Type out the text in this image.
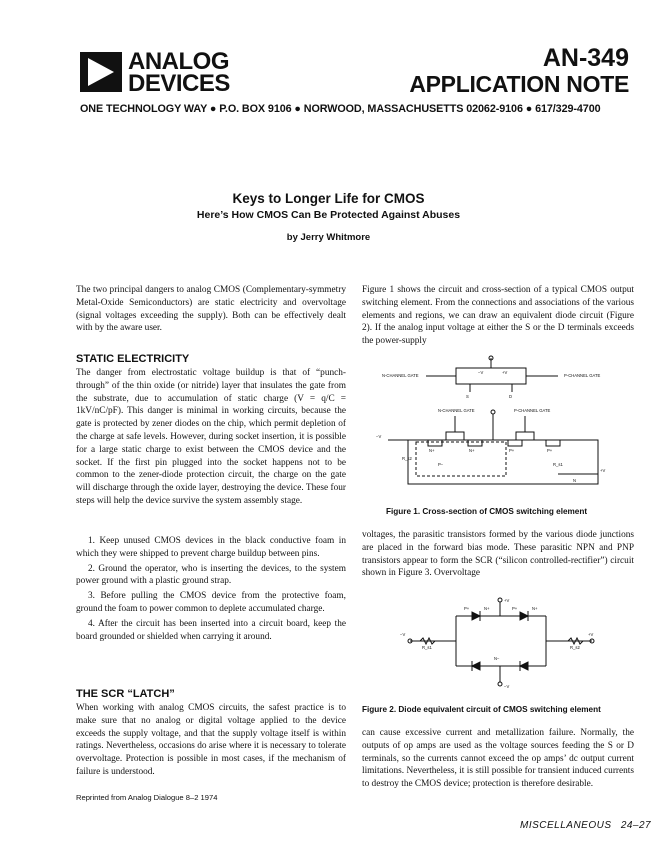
ANALOG
DEVICES
AN-349
APPLICATION NOTE
ONE TECHNOLOGY WAY ● P.O. BOX 9106 ● NORWOOD, MASSACHUSETTS 02062-9106 ● 617/329-4700
Keys to Longer Life for CMOS
Here’s How CMOS Can Be Protected Against Abuses
by Jerry Whitmore
The two principal dangers to analog CMOS (Complementary-symmetry Metal-Oxide Semiconductors) are static electricity and overvoltage (signal voltages exceeding the supply). Both can be effectively dealt with by the aware user.
STATIC ELECTRICITY
The danger from electrostatic voltage buildup is that of “punch-through” of the thin oxide (or nitride) layer that insulates the gate from the substrate, due to accumulation of static charge (V = q/C = 1kV/nC/pF). This danger is minimal in working circuits, because the gate is protected by zener diodes on the chip, which permit depletion of the charge at safe levels. However, during socket insertion, it is possible for a large static charge to exist between the CMOS device and the socket. If the first pin plugged into the socket happens not to be common to the zener-diode protection circuit, the charge on the gate will discharge through the oxide layer, destroying the device. These four steps will help the device survive the system assembly stage.

1. Keep unused CMOS devices in the black conductive foam in which they were shipped to prevent charge buildup between pins.

2. Ground the operator, who is inserting the devices, to the system power ground with a plastic ground strap.

3. Before pulling the CMOS device from the protective foam, ground the foam to power common to deplete accumulated charge.

4. After the circuit has been inserted into a circuit board, keep the board grounded or shielded when carrying it around.

THE SCR “LATCH”
When working with analog CMOS circuits, the safest practice is to make sure that no analog or digital voltage applied to the device exceeds the supply voltage, and that the supply voltage itself is within ratings. Nevertheless, occasions do arise where it is necessary to tolerate overvoltage. Protection is possible in most cases, if the mechanism of failure is understood.
Reprinted from Analog Dialogue 8–2 1974
Figure 1 shows the circuit and cross-section of a typical CMOS output switching element. From the connections and associations of the various elements and regions, we can draw an equivalent diode circuit (Figure 2). If the analog input voltage at either the S or the D terminals exceeds the power-supply
N-CHANNEL GATE	P-CHANNEL GATE
−V	+V
S	D
N-CHANNEL GATE	P-CHANNEL GATE
−V
+V
N+	N+	P+	P+
P−
N
R_s1
R_s2
Figure 1. Cross-section of CMOS switching element
voltages, the parasitic transistors formed by the various diode junctions are placed in the forward bias mode. These parasitic NPN and PNP transistors appear to form the SCR (“silicon controlled-rectifier”) circuit shown in Figure 3. Overvoltage
+V
−V
−V	+V
R_s1	R_s2
P+	N+	P+	N+
N−
Figure 2. Diode equivalent circuit of CMOS switching element
can cause excessive current and metallization failure. Normally, the outputs of op amps are used as the voltage sources feeding the S or D terminals, so the currents cannot exceed the op amps’ dc output current limitations. Nevertheless, it is still possible for transient induced currents to destroy the CMOS device; protection is therefore desirable.
MISCELLANEOUS 24–27
